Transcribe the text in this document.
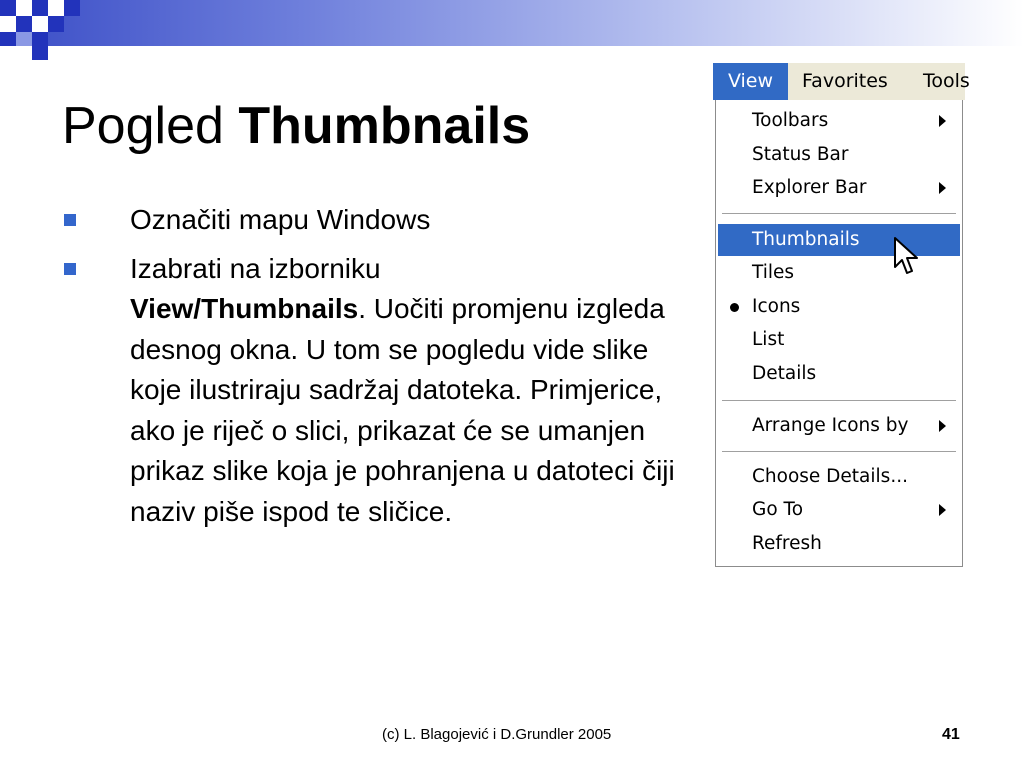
Pogled Thumbnails
Označiti mapu Windows
Izabrati na izborniku
View/Thumbnails. Uočiti promjenu izgleda desnog okna. U tom se pogledu vide slike koje ilustriraju sadržaj datoteka. Primjerice, ako je riječ o slici, prikazat će se umanjen prikaz slike koja je pohranjena u datoteci čiji naziv piše ispod te sličice.
View	Favorites Tools
Toolbars
Status Bar
Explorer Bar
Thumbnails
Tiles
Icons
List
Details
Arrange Icons by
Choose Details...
Go To
Refresh
(c) L. Blagojević i D.Grundler 2005	41
